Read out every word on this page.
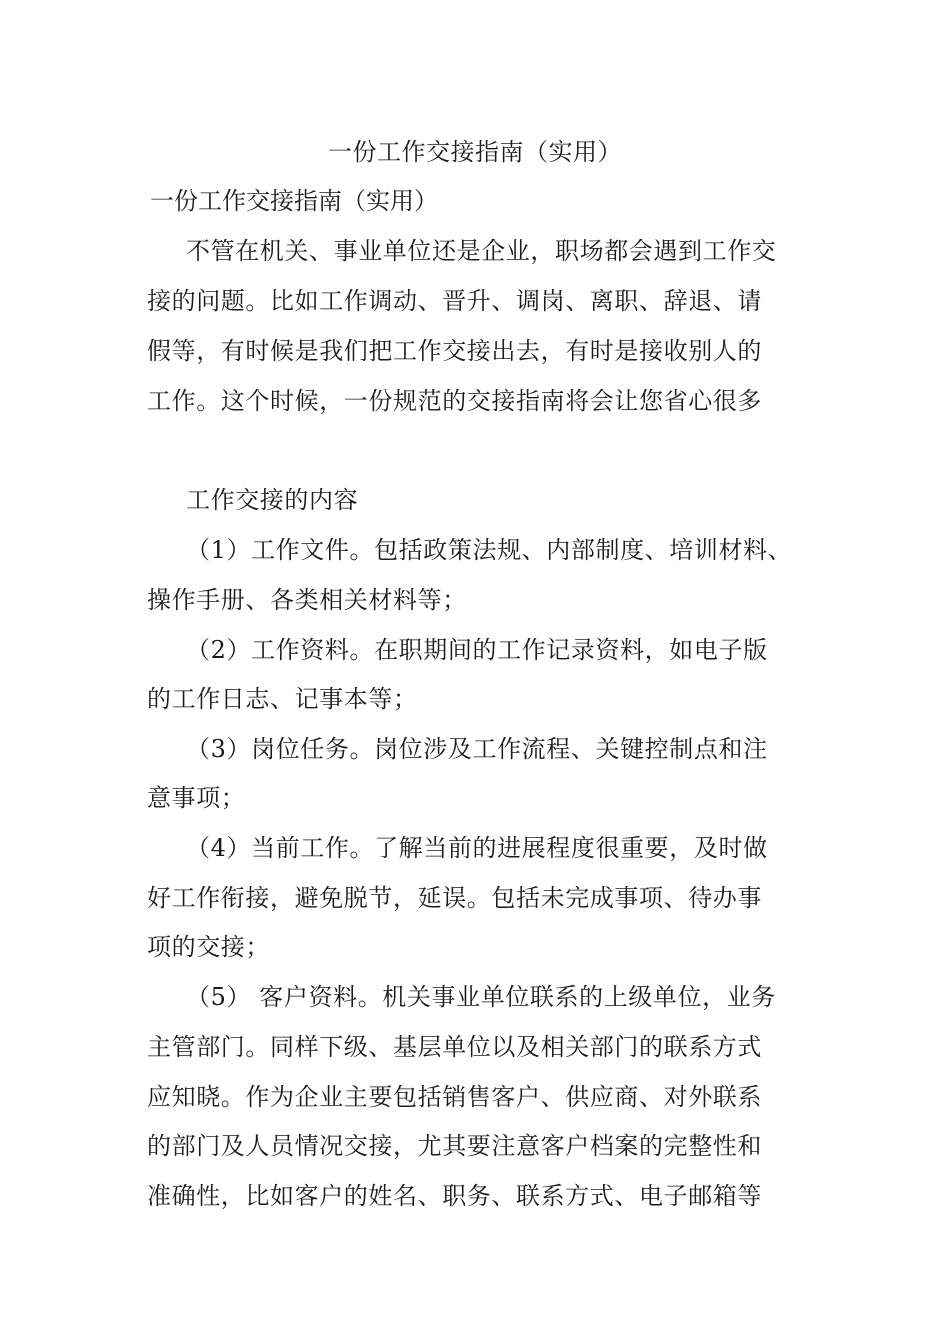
一份工作交接指南（实用）
一份工作交接指南（实用）
不管在机关、事业单位还是企业，职场都会遇到工作交
接的问题。比如工作调动、晋升、调岗、离职、辞退、请
假等，有时候是我们把工作交接出去，有时是接收别人的
工作。这个时候，一份规范的交接指南将会让您省心很多
工作交接的内容
（1）工作文件。包括政策法规、内部制度、培训材料、
操作手册、各类相关材料等；
（2）工作资料。在职期间的工作记录资料，如电子版
的工作日志、记事本等；
（3）岗位任务。岗位涉及工作流程、关键控制点和注
意事项；
（4）当前工作。了解当前的进展程度很重要，及时做
好工作衔接，避免脱节，延误。包括未完成事项、待办事
项的交接；
（5） 客户资料。机关事业单位联系的上级单位，业务
主管部门。同样下级、基层单位以及相关部门的联系方式
应知晓。作为企业主要包括销售客户、供应商、对外联系
的部门及人员情况交接，尤其要注意客户档案的完整性和
准确性，比如客户的姓名、职务、联系方式、电子邮箱等
